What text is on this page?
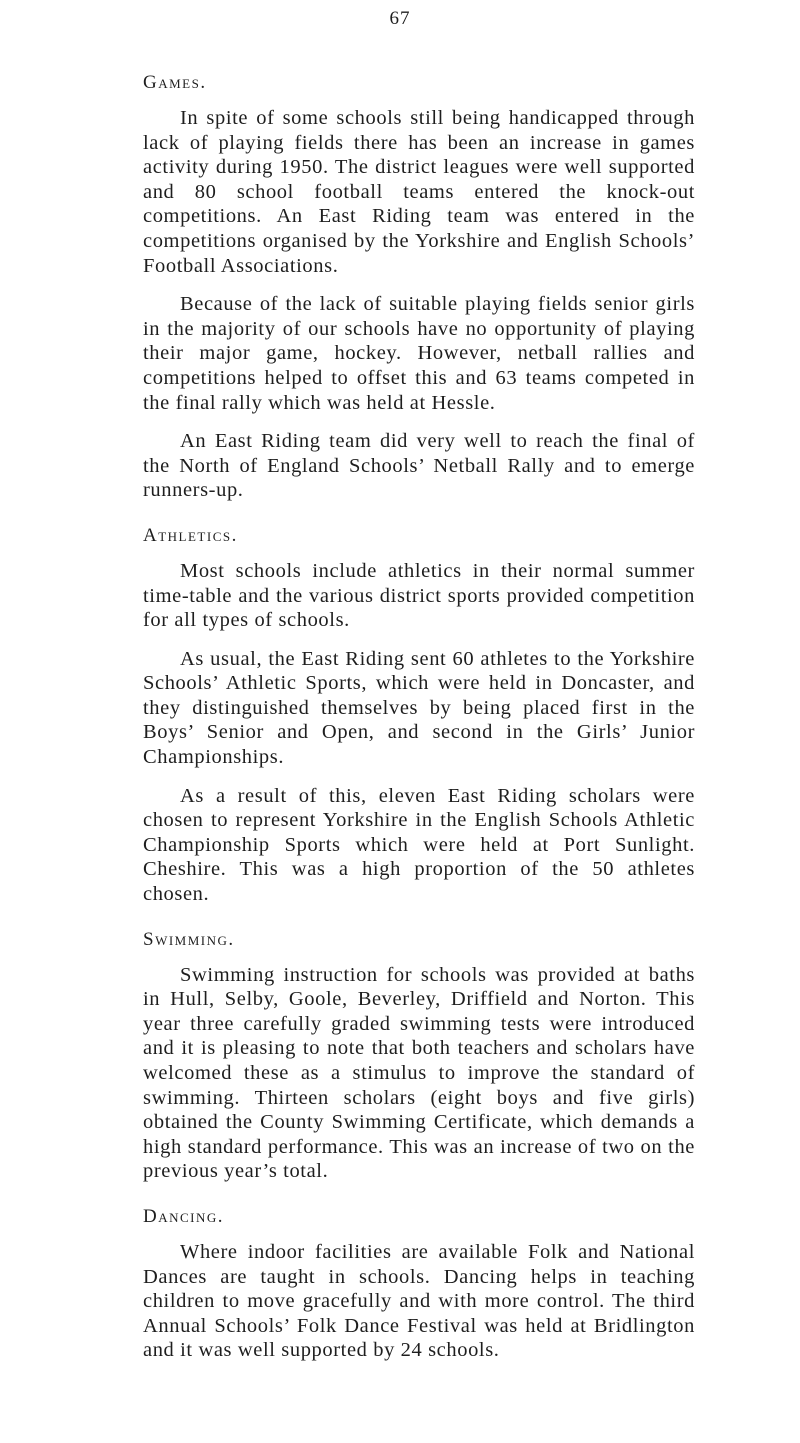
67
Games.

In spite of some schools still being handicapped through lack of playing fields there has been an increase in games activity during 1950. The district leagues were well supported and 80 school football teams entered the knock-out competitions. An East Riding team was entered in the competitions organised by the Yorkshire and English Schools’ Football Associations.

Because of the lack of suitable playing fields senior girls in the majority of our schools have no opportunity of playing their major game, hockey. However, netball rallies and competitions helped to offset this and 63 teams competed in the final rally which was held at Hessle.

An East Riding team did very well to reach the final of the North of England Schools’ Netball Rally and to emerge runners-up.

Athletics.

Most schools include athletics in their normal summer time-table and the various district sports provided competition for all types of schools.

As usual, the East Riding sent 60 athletes to the Yorkshire Schools’ Athletic Sports, which were held in Doncaster, and they distinguished themselves by being placed first in the Boys’ Senior and Open, and second in the Girls’ Junior Championships.

As a result of this, eleven East Riding scholars were chosen to represent Yorkshire in the English Schools Athletic Championship Sports which were held at Port Sunlight. Cheshire. This was a high proportion of the 50 athletes chosen.

Swimming.

Swimming instruction for schools was provided at baths in Hull, Selby, Goole, Beverley, Driffield and Norton. This year three carefully graded swimming tests were introduced and it is pleasing to note that both teachers and scholars have welcomed these as a stimulus to improve the standard of swimming. Thirteen scholars (eight boys and five girls) obtained the County Swimming Certificate, which demands a high standard performance. This was an increase of two on the previous year’s total.

Dancing.

Where indoor facilities are available Folk and National Dances are taught in schools. Dancing helps in teaching children to move gracefully and with more control. The third Annual Schools’ Folk Dance Festival was held at Bridlington and it was well supported by 24 schools.
